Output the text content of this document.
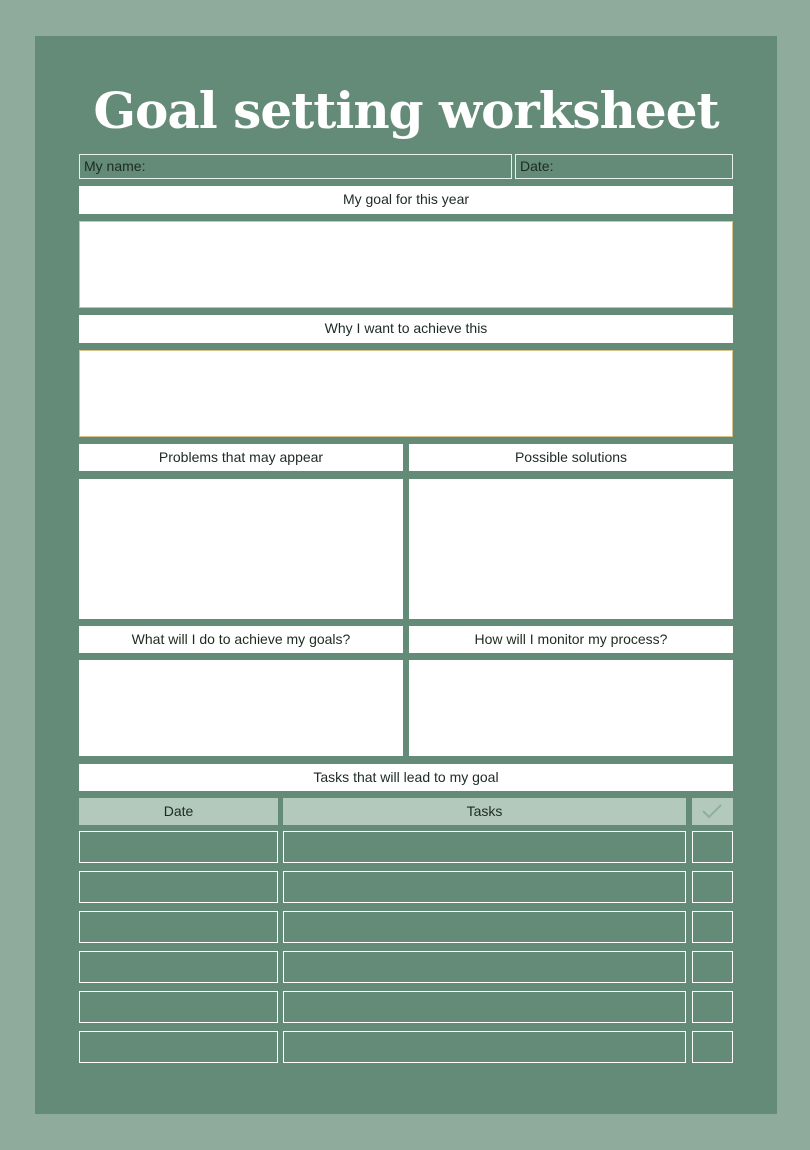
Goal setting worksheet
My name:	Date:
My goal for this year
Why I want to achieve this
Problems that may appear	Possible solutions
What will I do to achieve my goals?	How will I monitor my process?
Tasks that will lead to my goal
Date	Tasks
